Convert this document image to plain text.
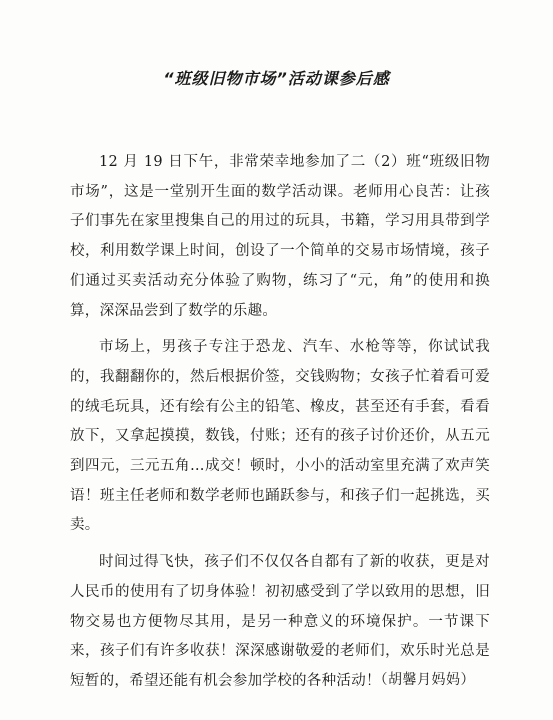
“班级旧物市场”活动课参后感

12 月 19 日下午，非常荣幸地参加了二（2）班“班级旧物市场”，这是一堂别开生面的数学活动课。老师用心良苦：让孩子们事先在家里搜集自己的用过的玩具，书籍，学习用具带到学校，利用数学课上时间，创设了一个简单的交易市场情境，孩子们通过买卖活动充分体验了购物，练习了“元，角”的使用和换算，深深品尝到了数学的乐趣。

市场上，男孩子专注于恐龙、汽车、水枪等等，你试试我的，我翻翻你的，然后根据价签，交钱购物；女孩子忙着看可爱的绒毛玩具，还有绘有公主的铅笔、橡皮，甚至还有手套，看看放下，又拿起摸摸，数钱，付账；还有的孩子讨价还价，从五元到四元，三元五角…成交！顿时，小小的活动室里充满了欢声笑语！班主任老师和数学老师也踊跃参与，和孩子们一起挑选，买卖。

时间过得飞快，孩子们不仅仅各自都有了新的收获，更是对人民币的使用有了切身体验！初初感受到了学以致用的思想，旧物交易也方便物尽其用，是另一种意义的环境保护。一节课下来，孩子们有许多收获！深深感谢敬爱的老师们，欢乐时光总是短暂的，希望还能有机会参加学校的各种活动！

（胡馨月妈妈）
